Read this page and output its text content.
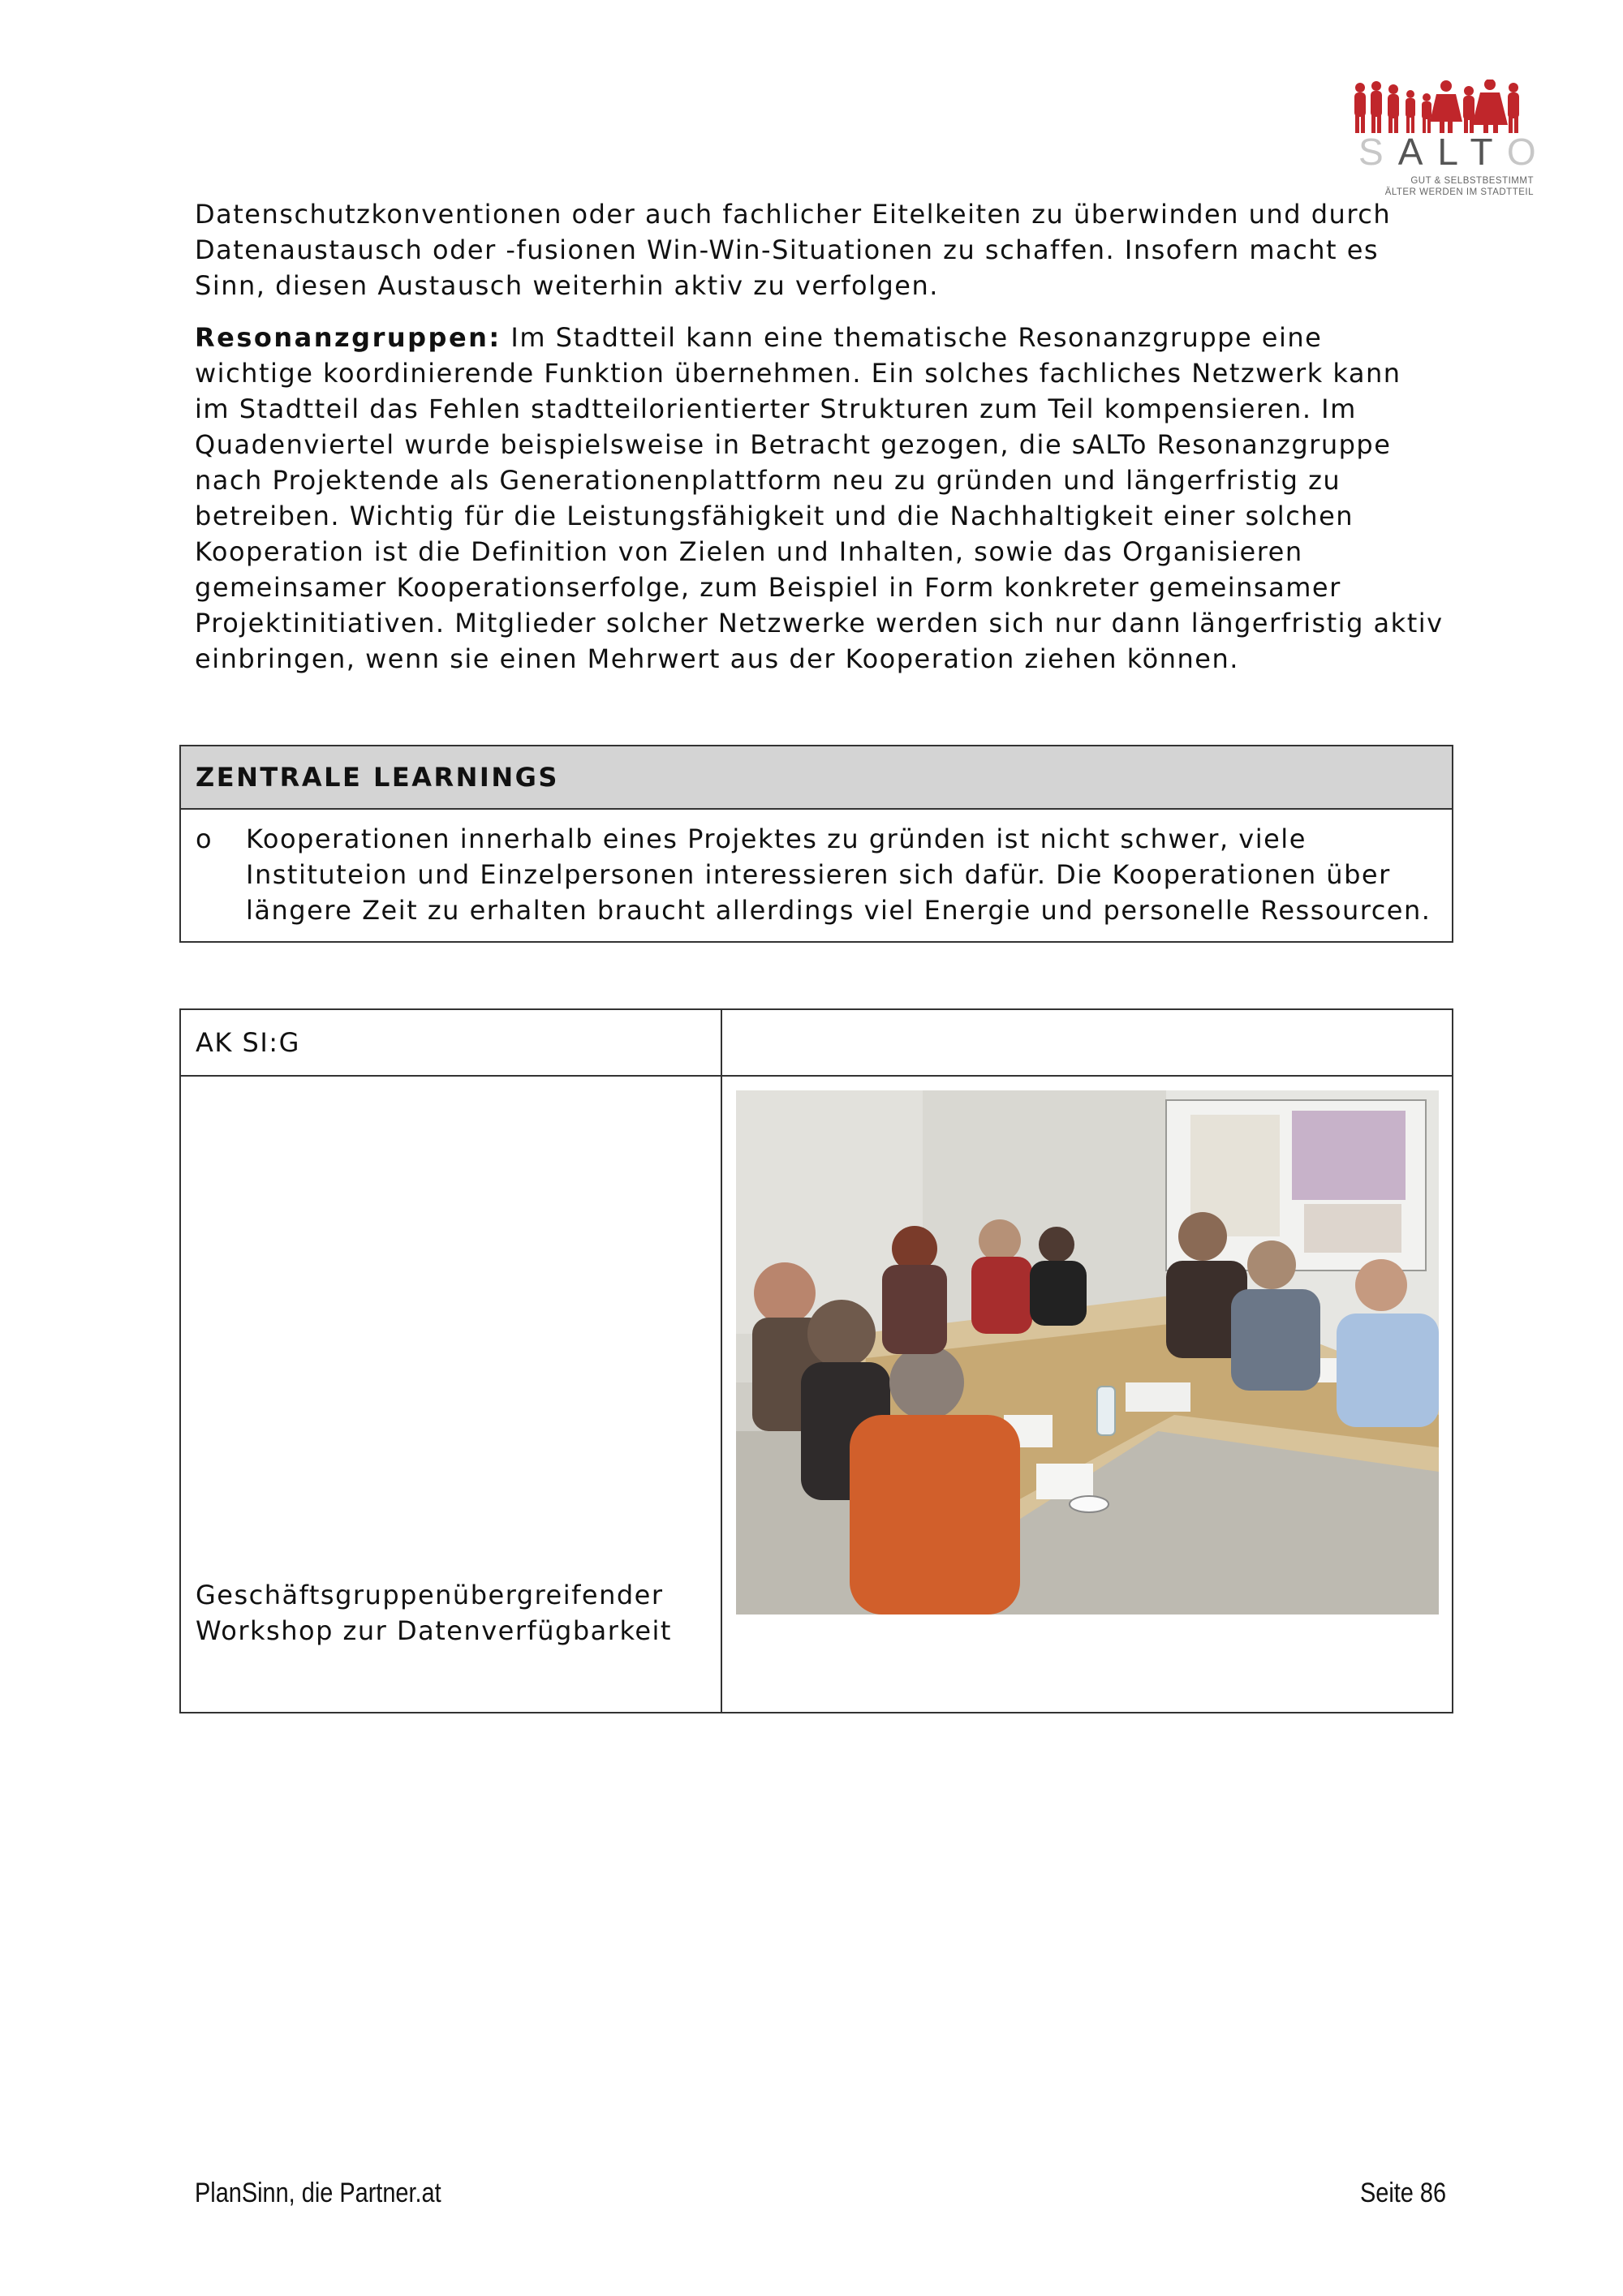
SALTO
GUT & SELBSTBESTIMMT
ÄLTER WERDEN IM STADTTEIL

Datenschutzkonventionen oder auch fachlicher Eitelkeiten zu überwinden und durch Datenaustausch oder -fusionen Win-Win-Situationen zu schaffen. Insofern macht es Sinn, diesen Austausch weiterhin aktiv zu verfolgen.

Resonanzgruppen: Im Stadtteil kann eine thematische Resonanzgruppe eine wichtige koordinierende Funktion übernehmen. Ein solches fachliches Netzwerk kann im Stadtteil das Fehlen stadtteilorientierter Strukturen zum Teil kompensieren. Im Quadenviertel wurde beispielsweise in Betracht gezogen, die sALTo Resonanzgruppe nach Projektende als Generationenplattform neu zu gründen und längerfristig zu betreiben. Wichtig für die Leistungsfähigkeit und die Nachhaltigkeit einer solchen Kooperation ist die Definition von Zielen und Inhalten, sowie das Organisieren gemeinsamer Kooperationserfolge, zum Beispiel in Form konkreter gemeinsamer Projektinitiativen. Mitglieder solcher Netzwerke werden sich nur dann längerfristig aktiv einbringen, wenn sie einen Mehrwert aus der Kooperation ziehen können.

ZENTRALE LEARNINGS

o	Kooperationen innerhalb eines Projektes zu gründen ist nicht schwer, viele Instituteion und Einzelpersonen interessieren sich dafür. Die Kooperationen über längere Zeit zu erhalten braucht allerdings viel Energie und personelle Ressourcen.
AK SI:G	

Geschäftsgruppenübergreifender
Workshop zur Datenverfügbarkeit

PlanSinn, die Partner.at	Seite 86
